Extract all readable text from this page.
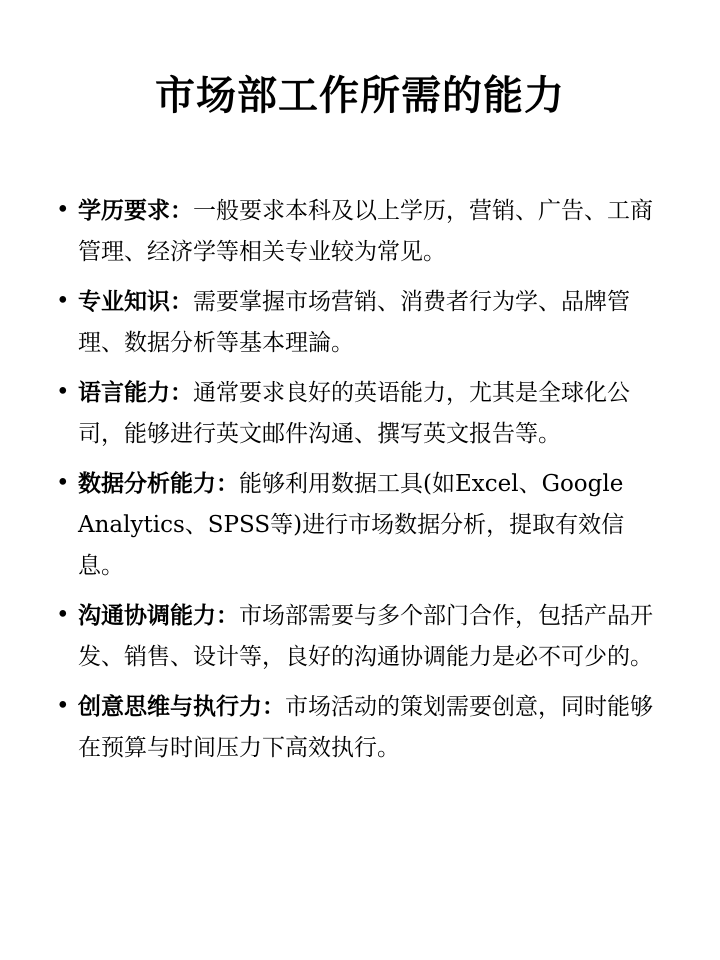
市场部工作所需的能力
• 学历要求：一般要求本科及以上学历，营销、广告、工商管理、经济学等相关专业较为常见。
• 专业知识：需要掌握市场营销、消费者行为学、品牌管理、数据分析等基本理論。
• 语言能力：通常要求良好的英语能力，尤其是全球化公司，能够进行英文邮件沟通、撰写英文报告等。
• 数据分析能力：能够利用数据工具(如Excel、Google Analytics、SPSS等)进行市场数据分析，提取有效信息。
• 沟通协调能力：市场部需要与多个部门合作，包括产品开发、销售、设计等，良好的沟通协调能力是必不可少的。
• 创意思维与执行力：市场活动的策划需要创意，同时能够在预算与时间压力下高效执行。
